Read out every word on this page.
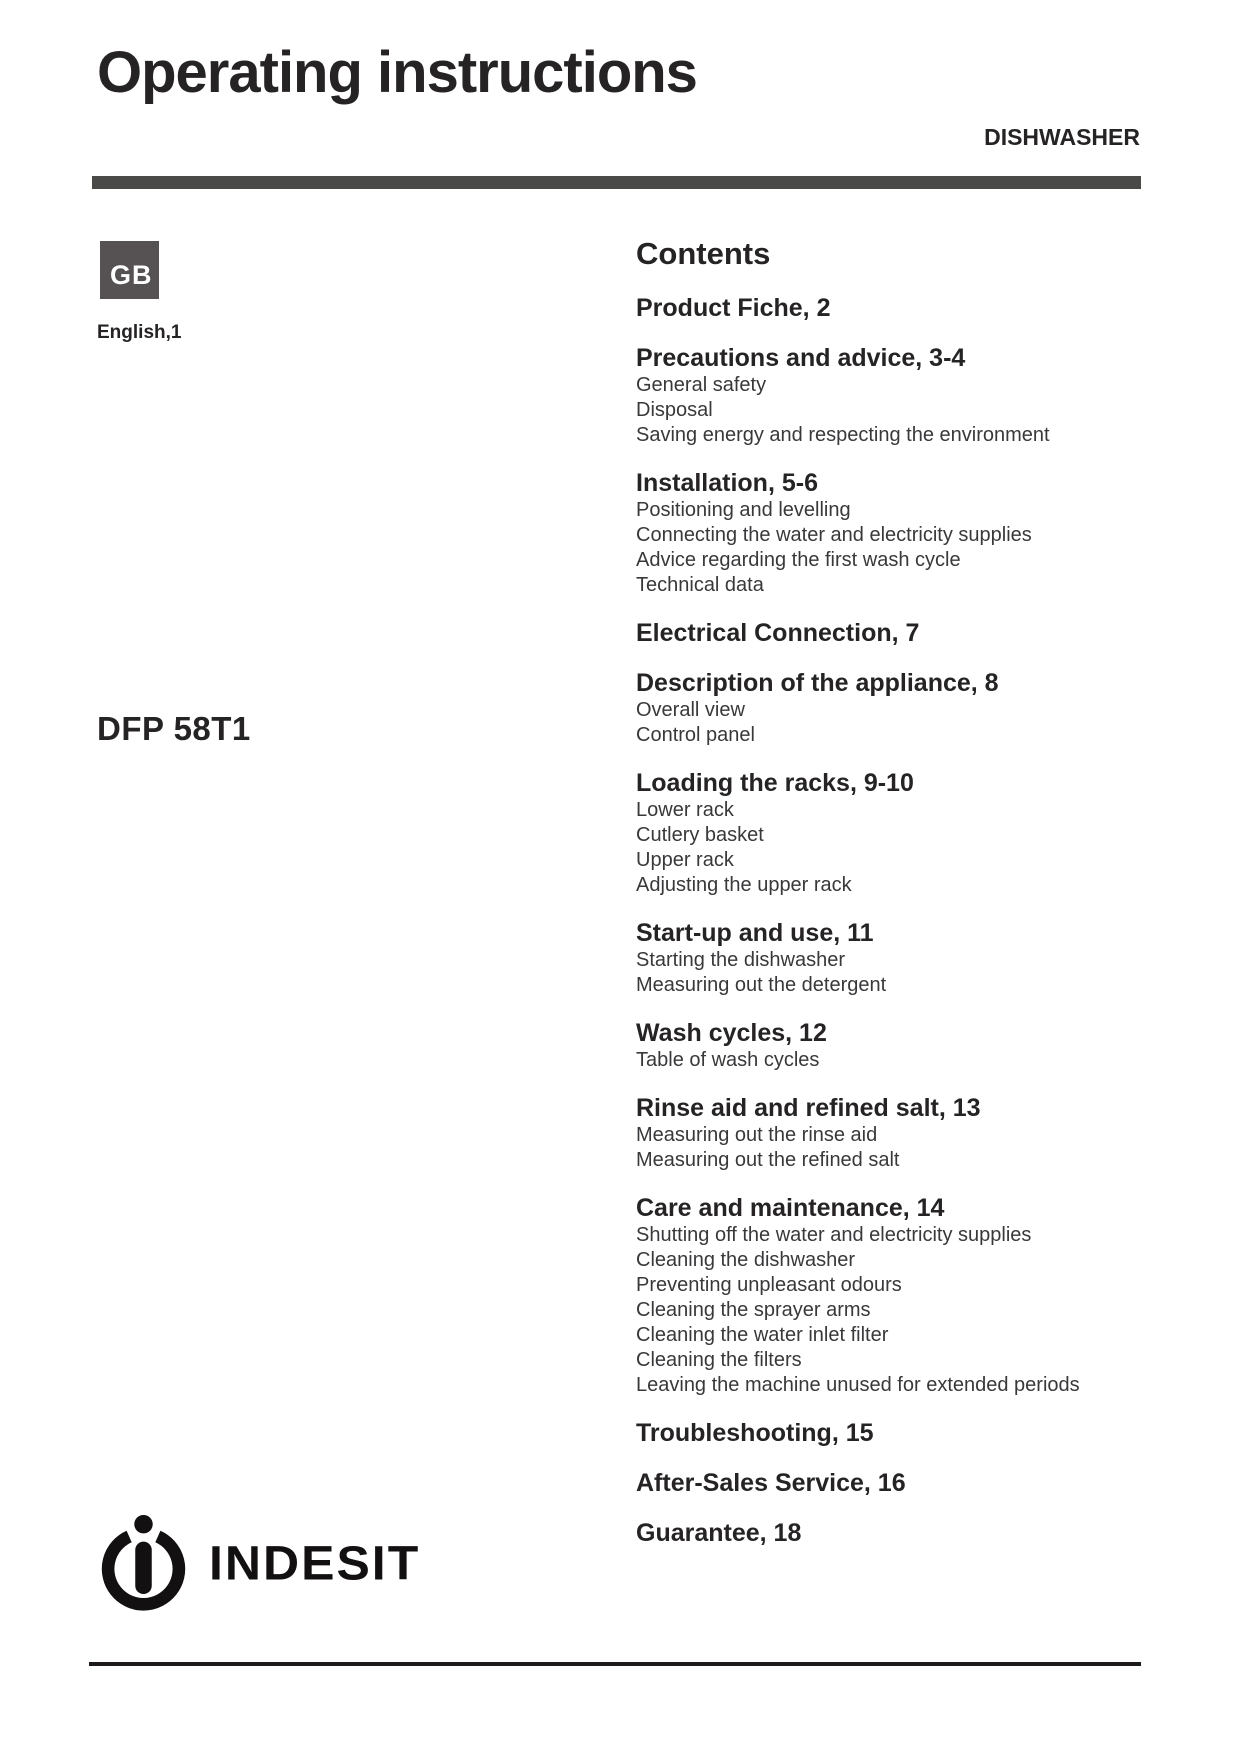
Operating instructions
DISHWASHER
GB
English,1
DFP 58T1
Contents
Product Fiche, 2
Precautions and advice, 3-4
General safety
Disposal
Saving energy and respecting the environment
Installation, 5-6
Positioning and levelling
Connecting the water and electricity supplies
Advice regarding the first wash cycle
Technical data
Electrical Connection, 7
Description of the appliance, 8
Overall view
Control panel
Loading the racks, 9-10
Lower rack
Cutlery basket
Upper rack
Adjusting the upper rack
Start-up and use, 11
Starting the dishwasher
Measuring out the detergent
Wash cycles, 12
Table of wash cycles
Rinse aid and refined salt, 13
Measuring out the rinse aid
Measuring out the refined salt
Care and maintenance, 14
Shutting off the water and electricity supplies
Cleaning the dishwasher
Preventing unpleasant odours
Cleaning the sprayer arms
Cleaning the water inlet filter
Cleaning the filters
Leaving the machine unused for extended periods
Troubleshooting, 15
After-Sales Service, 16
Guarantee, 18
INDESIT
